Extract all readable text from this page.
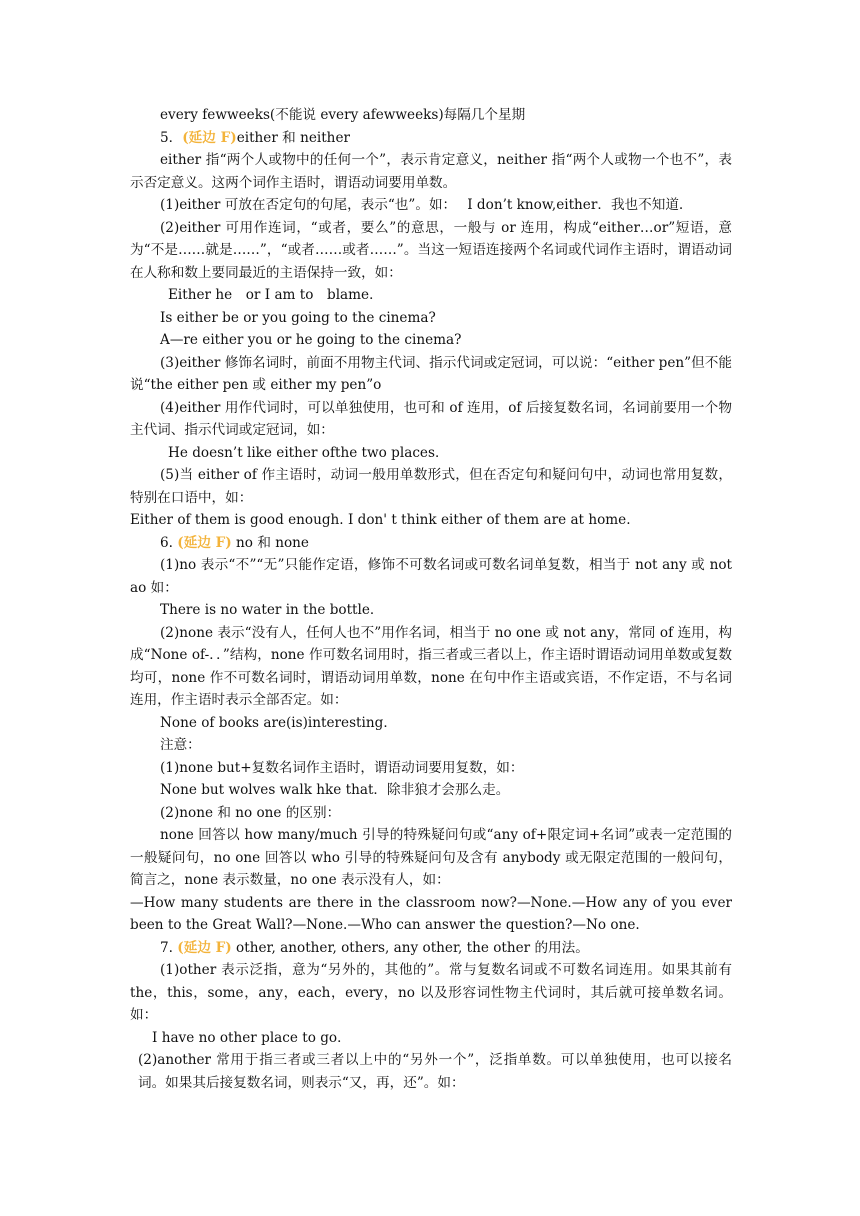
every fewweeks(不能说 every afewweeks)每隔几个星期

5．(延边 F)either 和 neither

either 指“两个人或物中的任何一个”，表示肯定意义，neither 指“两个人或物一个也不”，表示否定意义。这两个词作主语时，谓语动词要用单数。

(1)either 可放在否定句的句尾，表示“也”。如：　 I don’t know,either．我也不知道.

(2)either 可用作连词，“或者，要么”的意思，一般与 or 连用，构成“either…or”短语，意为“不是……就是……”，“或者……或者……”。当这一短语连接两个名词或代词作主语时，谓语动词在人称和数上要同最近的主语保持一致，如：

Either he　or I am to　blame．

Is either be or you going to the cinema?

A—re either you or he going to the cinema?

(3)either 修饰名词时，前面不用物主代词、指示代词或定冠词，可以说：“either pen”但不能说“the either pen 或 either my pen”o

(4)either 用作代词时，可以单独使用，也可和 of 连用，of 后接复数名词，名词前要用一个物主代词、指示代词或定冠词，如：

He doesn’t like either ofthe two places．

(5)当 either of 作主语时，动词一般用单数形式，但在否定句和疑问句中，动词也常用复数，特别在口语中，如：

Either of them is good enough. I don' t think either of them are at home.

6. (延边 F) no 和 none

(1)no 表示“不”“无”只能作定语，修饰不可数名词或可数名词单复数，相当于 not any 或 not ao 如：

There is no water in the bottle．

(2)none 表示“没有人，任何人也不”用作名词，相当于 no one 或 not any，常同 of 连用，构成“None of-．．”结构，none 作可数名词用时，指三者或三者以上，作主语时谓语动词用单数或复数均可，none 作不可数名词时，谓语动词用单数，none 在句中作主语或宾语，不作定语，不与名词连用，作主语时表示全部否定。如：

None of books are(is)interesting．

注意：

(1)none but+复数名词作主语时，谓语动词要用复数，如：

None but wolves walk hke that．除非狼才会那么走。

(2)none 和 no one 的区别：

none 回答以 how many/much 引导的特殊疑问句或“any of+限定词+名词”或表一定范围的一般疑问句，no one 回答以 who 引导的特殊疑问句及含有 anybody 或无限定范围的一般问句，简言之，none 表示数量，no one 表示没有人，如：

—How many students are there in the classroom now?—None.—How any of you ever been to the Great Wall?—None.—Who can answer the question?—No one.

7. (延边 F) other, another, others, any other, the other 的用法。

(1)other 表示泛指，意为“另外的，其他的”。常与复数名词或不可数名词连用。如果其前有 the，this，some，any，each，every，no 以及形容词性物主代词时，其后就可接单数名词。如：

I have no other place to go．

(2)another 常用于指三者或三者以上中的“另外一个”，泛指单数。可以单独使用，也可以接名词。如果其后接复数名词，则表示“又，再，还”。如：
